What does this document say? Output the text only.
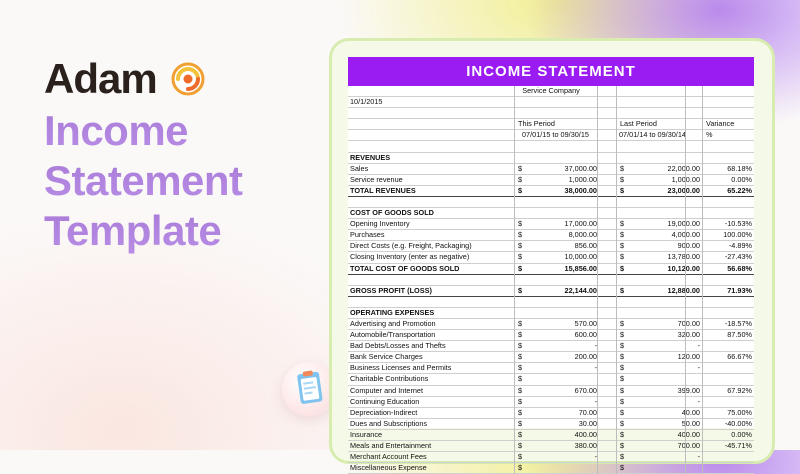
Adam
Income
Statement
Template
INCOME STATEMENT
Service Company
10/1/2015
This Period	Last Period	Variance
07/01/15 to 09/30/15	07/01/14 to 09/30/14	%
REVENUES
Sales	$	37,000.00	$	22,000.00	68.18%
Service revenue	$	1,000.00	$	1,000.00	0.00%
TOTAL REVENUES	$	38,000.00	$	23,000.00	65.22%
COST OF GOODS SOLD
Opening Inventory	$	17,000.00	$	19,000.00	-10.53%
Purchases	$	8,000.00	$	4,000.00	100.00%
Direct Costs (e.g. Freight, Packaging)	$	856.00	$	900.00	-4.89%
Closing Inventory (enter as negative)	$	10,000.00	$	13,780.00	-27.43%
TOTAL COST OF GOODS SOLD	$	15,856.00	$	10,120.00	56.68%
GROSS PROFIT (LOSS)	$	22,144.00	$	12,880.00	71.93%
OPERATING EXPENSES
Advertising and Promotion	$	570.00	$	700.00	-18.57%
Automobile/Transportation	$	600.00	$	320.00	87.50%
Bad Debts/Losses and Thefts	$	-	$	-
Bank Service Charges	$	200.00	$	120.00	66.67%
Business Licenses and Permits	$	-	$	-
Charitable Contributions	$	$
Computer and Internet	$	670.00	$	399.00	67.92%
Continuing Education	$	-	$	-
Depreciation-Indirect	$	70.00	$	40.00	75.00%
Dues and Subscriptions	$	30.00	$	50.00	-40.00%
Insurance	$	400.00	$	400.00	0.00%
Meals and Entertainment	$	380.00	$	700.00	-45.71%
Merchant Account Fees	$	-	$	-
Miscellaneous Expense	$	$
